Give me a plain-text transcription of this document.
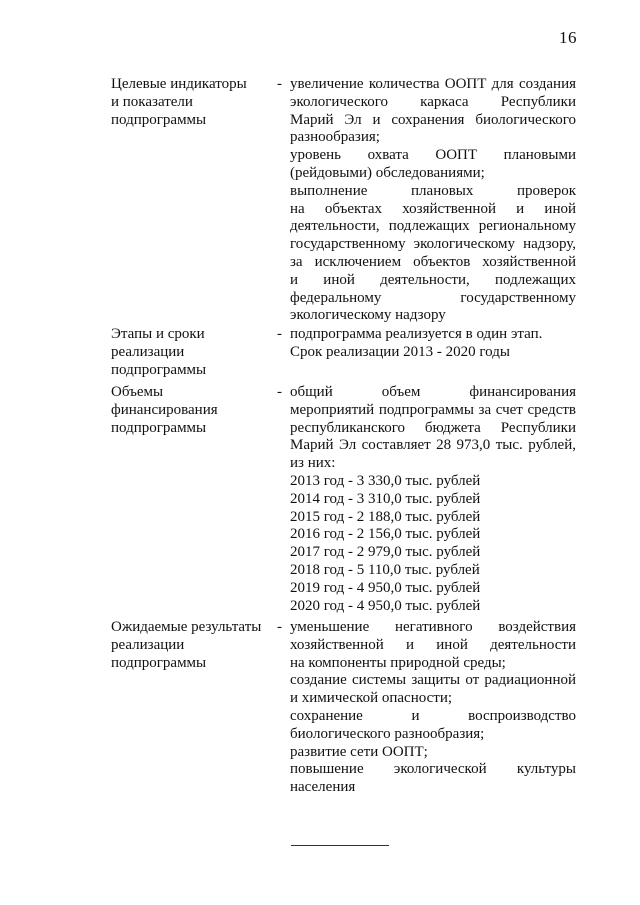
16
Целевые индикаторы
и показатели
подпрограммы
- увеличение количества ООПТ для создания
экологического каркаса Республики
Марий Эл и сохранения биологического
разнообразия;
уровень охвата ООПТ плановыми
(рейдовыми) обследованиями;
выполнение плановых проверок
на объектах хозяйственной и иной
деятельности, подлежащих региональному
государственному экологическому надзору,
за исключением объектов хозяйственной
и иной деятельности, подлежащих
федеральному государственному
экологическому надзору
Этапы и сроки
реализации
подпрограммы
- подпрограмма реализуется в один этап.
Срок реализации 2013 - 2020 годы
Объемы
финансирования
подпрограммы
- общий объем финансирования
мероприятий подпрограммы за счет средств
республиканского бюджета Республики
Марий Эл составляет 28 973,0 тыс. рублей,
из них:
2013 год - 3 330,0 тыс. рублей
2014 год - 3 310,0 тыс. рублей
2015 год - 2 188,0 тыс. рублей
2016 год - 2 156,0 тыс. рублей
2017 год - 2 979,0 тыс. рублей
2018 год - 5 110,0 тыс. рублей
2019 год - 4 950,0 тыс. рублей
2020 год - 4 950,0 тыс. рублей
Ожидаемые результаты
реализации
подпрограммы
- уменьшение негативного воздействия
хозяйственной и иной деятельности
на компоненты природной среды;
создание системы защиты от радиационной
и химической опасности;
сохранение и воспроизводство
биологического разнообразия;
развитие сети ООПТ;
повышение экологической культуры
населения
